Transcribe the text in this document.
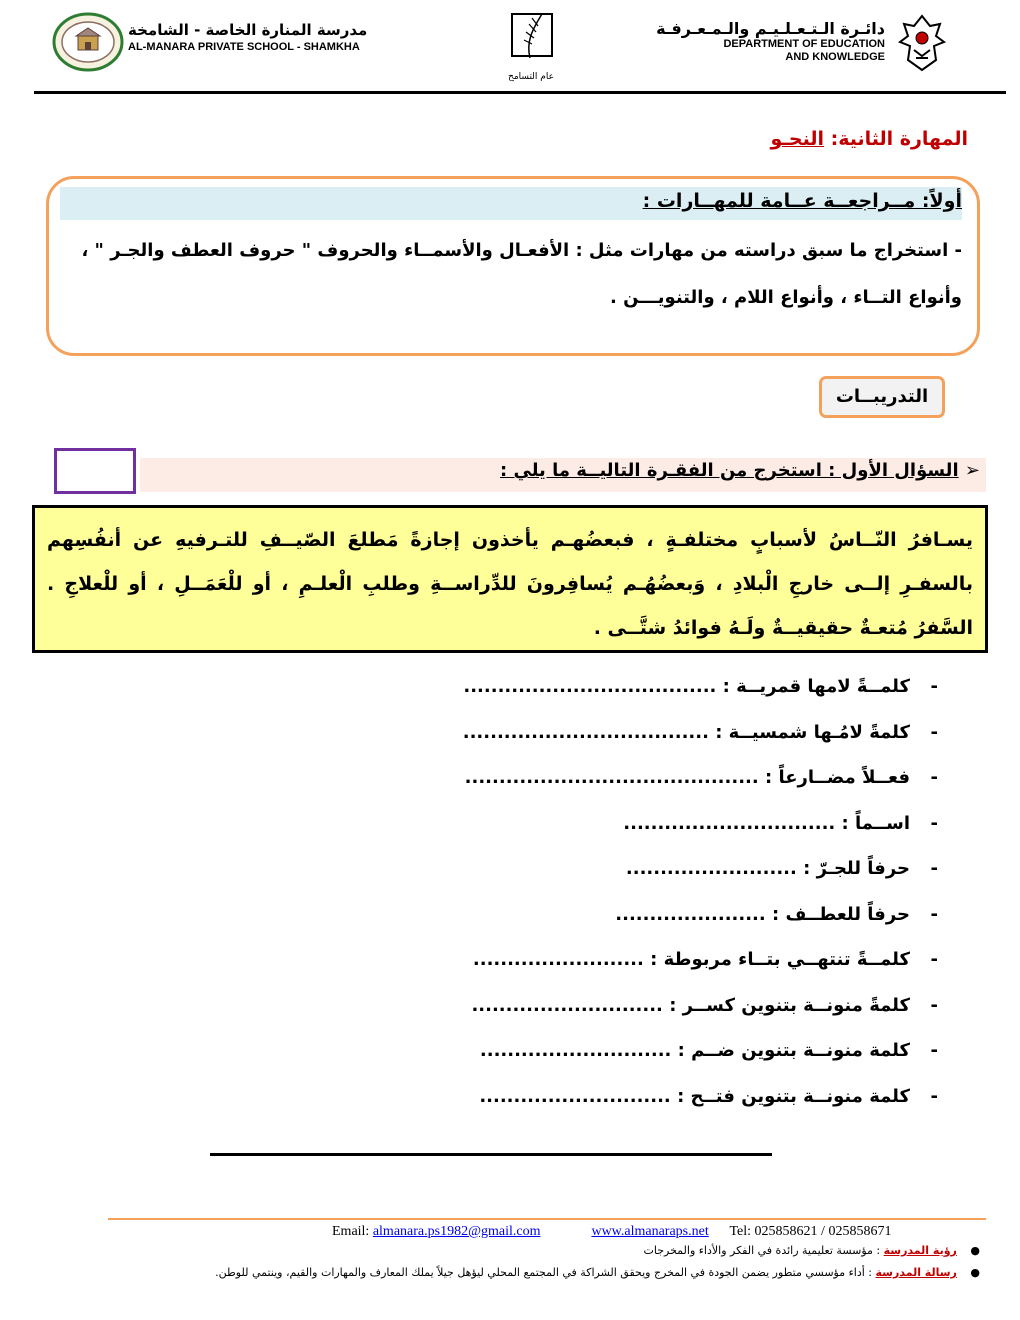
دائـرة الـتـعـلـيـم والـمـعـرفـة
DEPARTMENT OF EDUCATION
AND KNOWLEDGE
عام التسامح
مدرسة المنارة الخاصة - الشامخة
AL-MANARA PRIVATE SCHOOL - SHAMKHA
المهارة الثانية: النحـو
أولاً: مــراجعــة عــامة للمهــارات :
- استخراج ما سبق دراسته من مهارات مثل : الأفعـال والأسمــاء والحروف " حروف العطف والجـر " ،
وأنواع التــاء ، وأنواع اللام ، والتنويـــن .
التدريبــات
➢ السؤال الأول : استخرج من الفقـرة التاليــة ما يلي :
يسـافرُ النّــاسُ لأسبابٍ مختلفـةٍ ، فبعضُهـم يأخذون إجازةً مَطلعَ الصّيــفِ للتـرفيهِ عن أنفُسِهم بالسفـرِ إلــى خارجِ الْبلادِ ، وَبعضُهُـم يُسافِرونَ للدِّراســةِ وطلبِ الْعلـمِ ، أو للْعَمَــلِ ، أو للْعلاجِ . السَّفرُ مُتعـةٌ حقيقيــةٌ ولَـهُ فوائدُ شتَّــى .
-
كلمــةً لامها قمريــة : .....................................
-
كلمةً لامُـها شمسيــة : ....................................
-
فعــلاً مضــارعاً : ...........................................
-
اســماً : ...............................
-
حرفاً للجـرّ : .........................
-
حرفاً للعطــف : ......................
-
كلمــةً تنتهــي بتــاء مربوطة : .........................
-
كلمةً منونــة بتنوين كســر : ............................
-
كلمة منونــة بتنوين ضــم : ............................
-
كلمة منونــة بتنوين فتــح : ............................
Email: almanara.ps1982@gmail.com	www.almanaraps.net Tel: 025858621 / 025858671
● رؤية المدرسة : مؤسسة تعليمية رائدة في الفكر والأداء والمخرجات
● رسالة المدرسة : أداء مؤسسي متطور يضمن الجودة في المخرج ويحقق الشراكة في المجتمع المحلي ليؤهل جيلاً يملك المعارف والمهارات والقيم، وينتمي للوطن.
